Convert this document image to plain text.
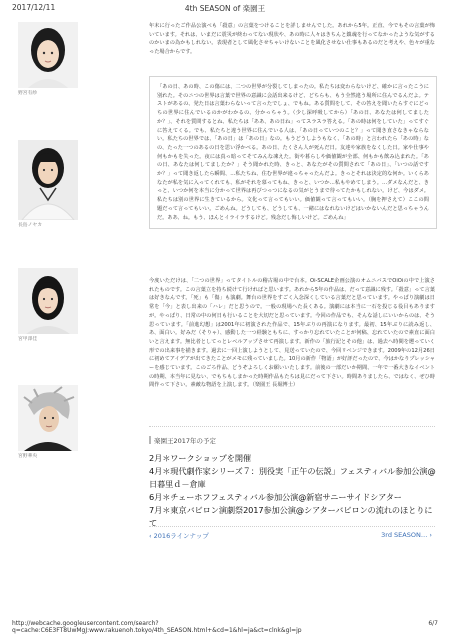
2017/12/11	4th SEASON of 楽園王
野宮有紗
長島ノヤカ
宮甲澤佳
宮野華央

年末に行ったご作品公演べも「殺意」の言葉をつけることを詳しませんでした。あれから5年。正直、今でもその言葉が怖いています。それは、いまだに震災が終わってない現状や、あの時に人々はきちんと鎮魂を行ってなかったような気がするのかいまの為かもしれない。表現者として風化させちゃいけないことを風化させない仕事もあるのだと考えや、色々が重なった場合からです。

「あの日、あの時、この傷には、二つの世界が分裂してしまったの。私たちは変わらないけど、確かに言ったこうに別れた。そのニつの世界は言葉で世界の意識に会話出来るけど、どちらも、もう全然違う場所に住んでるんだよ。テストがあるの、発た日は言葉わらないって言ったでしょ、でもね。ある質問をして、その答えを聞いたらすぐにどっちの世界に住んでいるのかがわかるの、分かっちゃう。（少し深呼吸してから）「あの日、あなたは何してましたか？」、それを質問するとね、私たちは「ああ、あの日ね」ってスラスラ答える。「あの時は何をしていた」ってすぐに答えてくる。でも、私たちと違う世界に住んでいる人は、「あの日っていつのこと？」って聞き直さなきゃならない。私たちの世界では、「あの日」は「あの日」なの。もうどうしようもなく、「あの時」と言われたら「あの時」なの、たった一つのあるの日を思い浮かべる。あの日、たくさん人が死んだ日。友達や家族をなくした日。家や仕事や何もかもを失った。夜には真っ暗ってそてみんな凍えた。街や暮らしや価値観が全部、何もかも飲み込まれた。「あの日、あなたは何してましたか？」そう聞かれた時、きっと、あなたがその質問されて「あの日」、「いつの話ですか？」って聞き返したら瞬間、…私たちね、住む世界が違っちゃったんだよ。きっとそれは決定的な何か。いくらあなたが私を気に入ってくれても、私がそれを慕ってもね、きっと、いつか…私もやめてしまう。…ダメなんだと、きっと、いつか何を本当に分かって世界は再びつっつになるの気がとうまで待ってたかもしれない。けど、今はダメ。私たちは別の世界に生きているから。文化って言ってもいい。価値観って言ってもいい。（胸を押さえて）ここの問題だって言ってもいい。ごめんね。どうしても、どうしても、一緒にはなれないけどはいかないんだと思っちゃうんだ。ああ、ね。もう、ほんとイライラするけど。残念だし悔しいけど。ごめんね」

今度いただけは、「二つの世界」ってタイトルの稽古場の中で台本。Oi-SCALE企画公演のオムニバスでOiOiの中で上演されたものです。この言葉立を持ち続けて行ければと思います。あれから5年の作品は、だって意識に残す。「殺意」って言葉は好きなんです。「死」も「傷」も演劇。舞台の世界をすごく入念深くしている言葉だと思っています。やっぱり演劇は日常を「今」と表し出来の「ハレ」だと思うので。一般の現場へた長くある。演劇には本当に一石を投じる役目もありますが。やっぱり、日常の中の何日も行いることを大切だと思っています。今回の作品でも、そんな話しにいいからのは、そう思っています。「前進幻想」は2001年に初演された作品で、15年ぶりの再演になります。最初、15年ぶりに読み返し、あ、面白い。好みだ（そりゃ）、感動した一つ経験ともちに、すっかり忘れていたことが何稿、忘れていたので素直に面白いと言えます。無比者としてっとレベルアップさせて再演します。新作の「旅行記とその他」は、過去へ時間を遡っていく形での出来事を描きます。過去に一回上演しようとして、見送っていたので、今回リベンジできます。2009年の12月26日に初めてアイデアが出てきたことがメモに残っていました。10月の新作「物語」が好評だったので、今はかなりプレッシャーを感じています。このごろ作品、どうぞよろしくお願いいたします。前後の一部だいか期間、一年で一番大きなイベントの時期、本当年に見ない、でもちもしまかった時期作品もたちは見にだって下さい。時間ありましたら、ではなく、ぜひ時間作って下さい。素敵な物語を上演します。（楽園王 長堀博士）

楽園王2017年の予定
2月＊ワークショップを開催
4月＊現代劇作家シリーズ７：別役実「正午の伝説」フェスティバル参加公演@日暮里ｄ－倉庫
6月＊チェーホフフェスティバル参加公演@新宿サニーサイドシアター
7月＊東京バビロン演劇祭2017参加公演@シアターバビロンの流れのほとりにて
‹ 2016ラインナップ	3rd SEASON… ›
http://webcache.googleusercontent.com/search?q=cache:C6E3FT8UwMgJ:www.rakuenoh.tokyo/4th_SEASON.html+&cd=1&hl=ja&ct=clnk&gl=jp
6/7
